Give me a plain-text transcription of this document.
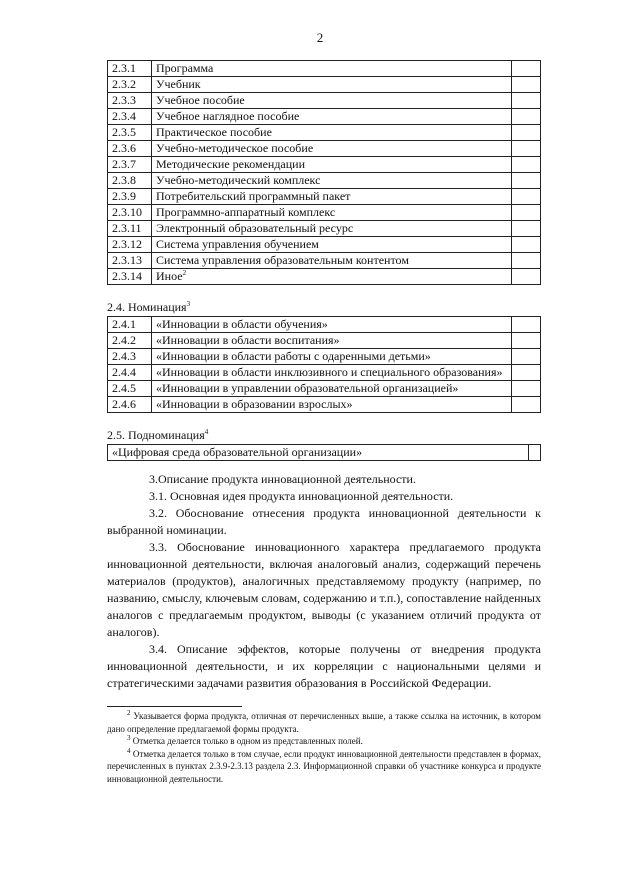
2
2.3.1	Программа	
2.3.2	Учебник	
2.3.3	Учебное пособие	
2.3.4	Учебное наглядное пособие	
2.3.5	Практическое пособие	
2.3.6	Учебно-методическое пособие	
2.3.7	Методические рекомендации	
2.3.8	Учебно-методический комплекс	
2.3.9	Потребительский программный пакет	
2.3.10	Программно-аппаратный комплекс	
2.3.11	Электронный образовательный ресурс	
2.3.12	Система управления обучением	
2.3.13	Система управления образовательным контентом	
2.3.14	Иное$^2$	
2.4. Номинация$^3$
2.4.1	«Инновации в области обучения»	
2.4.2	«Инновации в области воспитания»	
2.4.3	«Инновации в области работы с одаренными детьми»	
2.4.4	«Инновации в области инклюзивного и специального образования»	
2.4.5	«Инновации в управлении образовательной организацией»	
2.4.6	«Инновации в образовании взрослых»	
2.5. Подноминация$^4$
«Цифровая среда образовательной организации»	

3.Описание продукта инновационной деятельности.

3.1. Основная идея продукта инновационной деятельности.

3.2. Обоснование отнесения продукта инновационной деятельности к выбранной номинации.

3.3. Обоснование инновационного характера предлагаемого продукта инновационной деятельности, включая аналоговый анализ, содержащий перечень материалов (продуктов), аналогичных представляемому продукту (например, по названию, смыслу, ключевым словам, содержанию и т.п.), сопоставление найденных аналогов с предлагаемым продуктом, выводы (с указанием отличий продукта от аналогов).

3.4. Описание эффектов, которые получены от внедрения продукта инновационной деятельности, и их корреляции с национальными целями и стратегическими задачами развития образования в Российской Федерации.

$^2$ Указывается форма продукта, отличная от перечисленных выше, а также ссылка на источник, в котором дано определение предлагаемой формы продукта.

$^3$ Отметка делается только в одном из представленных полей.

$^4$ Отметка делается только в том случае, если продукт инновационной деятельности представлен в формах, перечисленных в пунктах 2.3.9-2.3.13 раздела 2.3. Информационной справки об участнике конкурса и продукте инновационной деятельности.
